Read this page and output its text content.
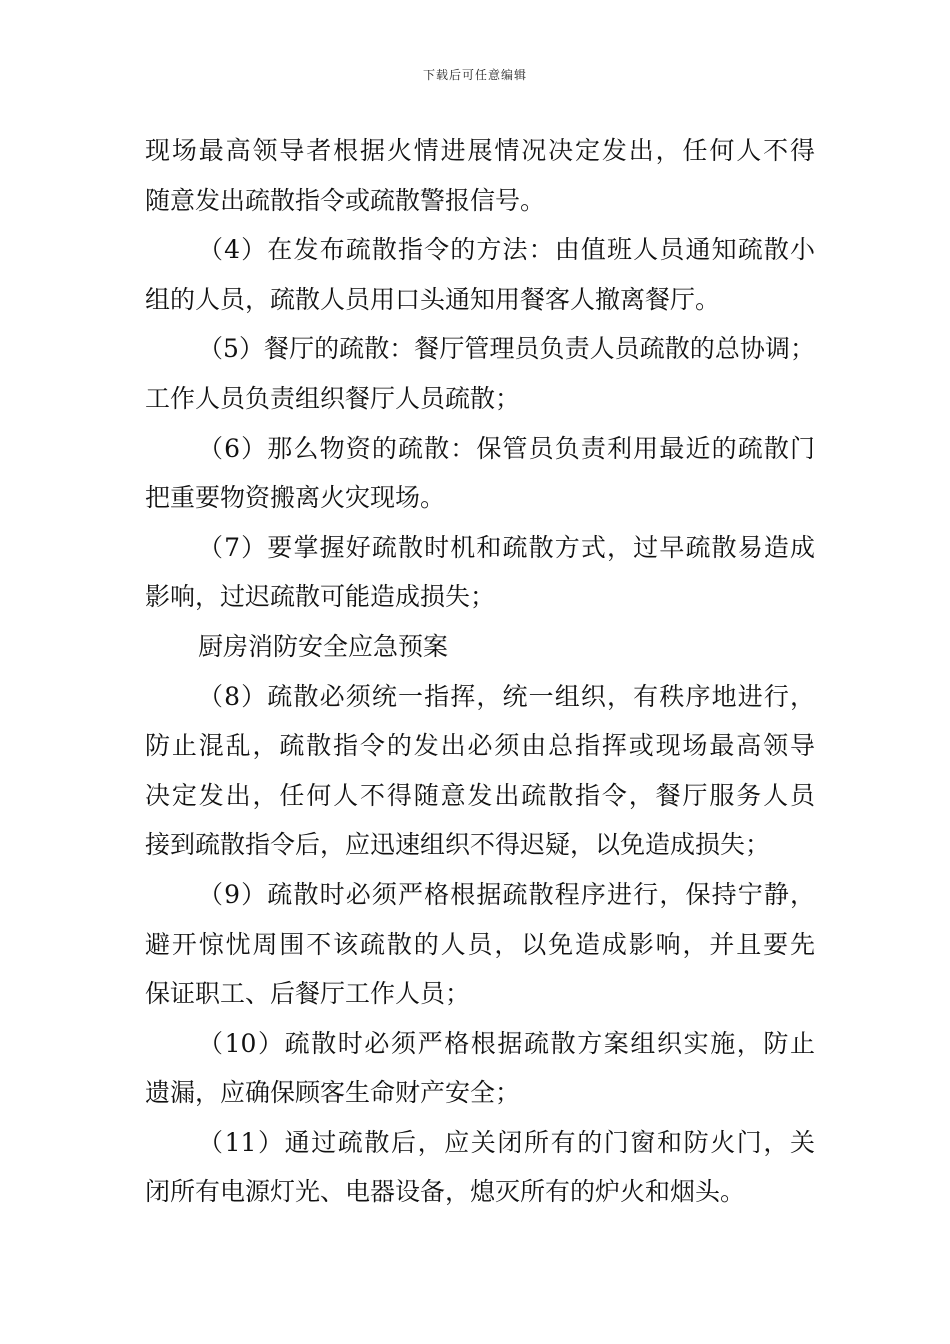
下载后可任意编辑
现场最高领导者根据火情进展情况决定发出，任何人不得
随意发出疏散指令或疏散警报信号。
（4）在发布疏散指令的方法：由值班人员通知疏散小
组的人员，疏散人员用口头通知用餐客人撤离餐厅。
（5）餐厅的疏散：餐厅管理员负责人员疏散的总协调；
工作人员负责组织餐厅人员疏散；
（6）那么物资的疏散：保管员负责利用最近的疏散门
把重要物资搬离火灾现场。
（7）要掌握好疏散时机和疏散方式，过早疏散易造成
影响，过迟疏散可能造成损失；
厨房消防安全应急预案
（8）疏散必须统一指挥，统一组织，有秩序地进行，
防止混乱，疏散指令的发出必须由总指挥或现场最高领导
决定发出，任何人不得随意发出疏散指令，餐厅服务人员
接到疏散指令后，应迅速组织不得迟疑，以免造成损失；
（9）疏散时必须严格根据疏散程序进行，保持宁静，
避开惊忧周围不该疏散的人员，以免造成影响，并且要先
保证职工、后餐厅工作人员；
（10）疏散时必须严格根据疏散方案组织实施，防止
遗漏，应确保顾客生命财产安全；
（11）通过疏散后，应关闭所有的门窗和防火门，关
闭所有电源灯光、电器设备，熄灭所有的炉火和烟头。
